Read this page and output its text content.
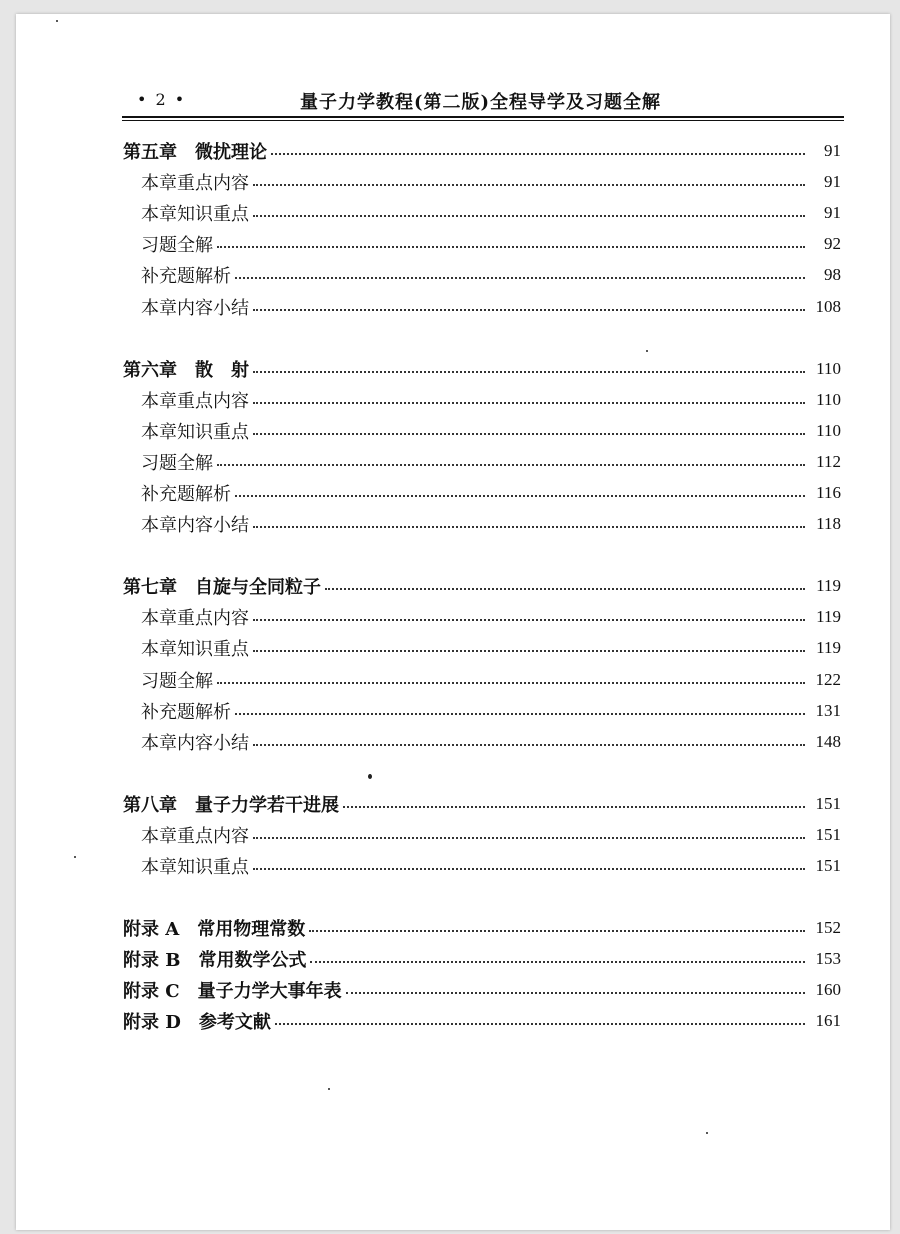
• 2 •	量子力学教程(第二版)全程导学及习题全解
第五章　微扰理论	91
本章重点内容	91
本章知识重点	91
习题全解	92
补充题解析	98
本章内容小结	108
第六章　散　射	110
本章重点内容	110
本章知识重点	110
习题全解	112
补充题解析	116
本章内容小结	118
第七章　自旋与全同粒子	119
本章重点内容	119
本章知识重点	119
习题全解	122
补充题解析	131
本章内容小结	148
第八章　量子力学若干进展	151
本章重点内容	151
本章知识重点	151
附录 A　常用物理常数	152
附录 B　常用数学公式	153
附录 C　量子力学大事年表	160
附录 D　参考文献	161
